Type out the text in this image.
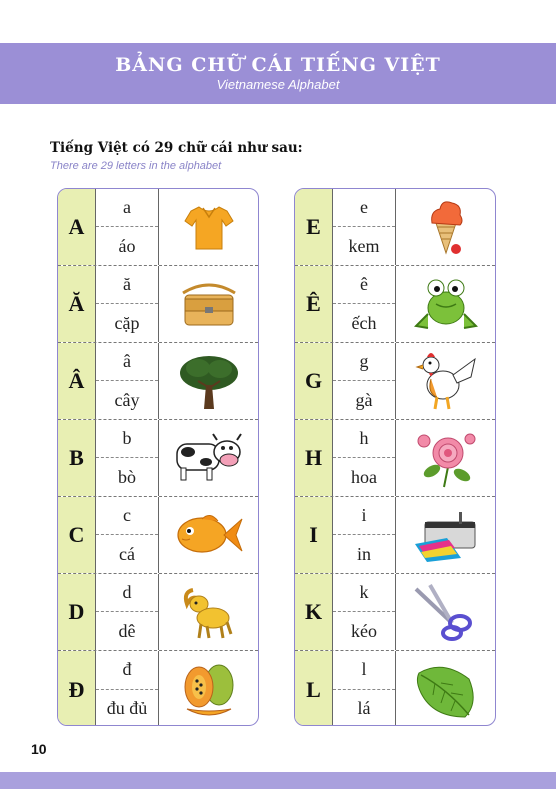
BẢNG CHỮ CÁI TIẾNG VIỆT
Vietnamese Alphabet
Tiếng Việt có 29 chữ cái như sau:
There are 29 letters in the alphabet
A
a
áo
Ă
ă
cặp
Â
â
cây
B
b
bò
C
c
cá
D
d
dê
Đ
đ
đu đủ
E
e
kem
Ê
ê
ếch
G
g
gà
H
h
hoa
I
i
in
K
k
kéo
L
l
lá
10
